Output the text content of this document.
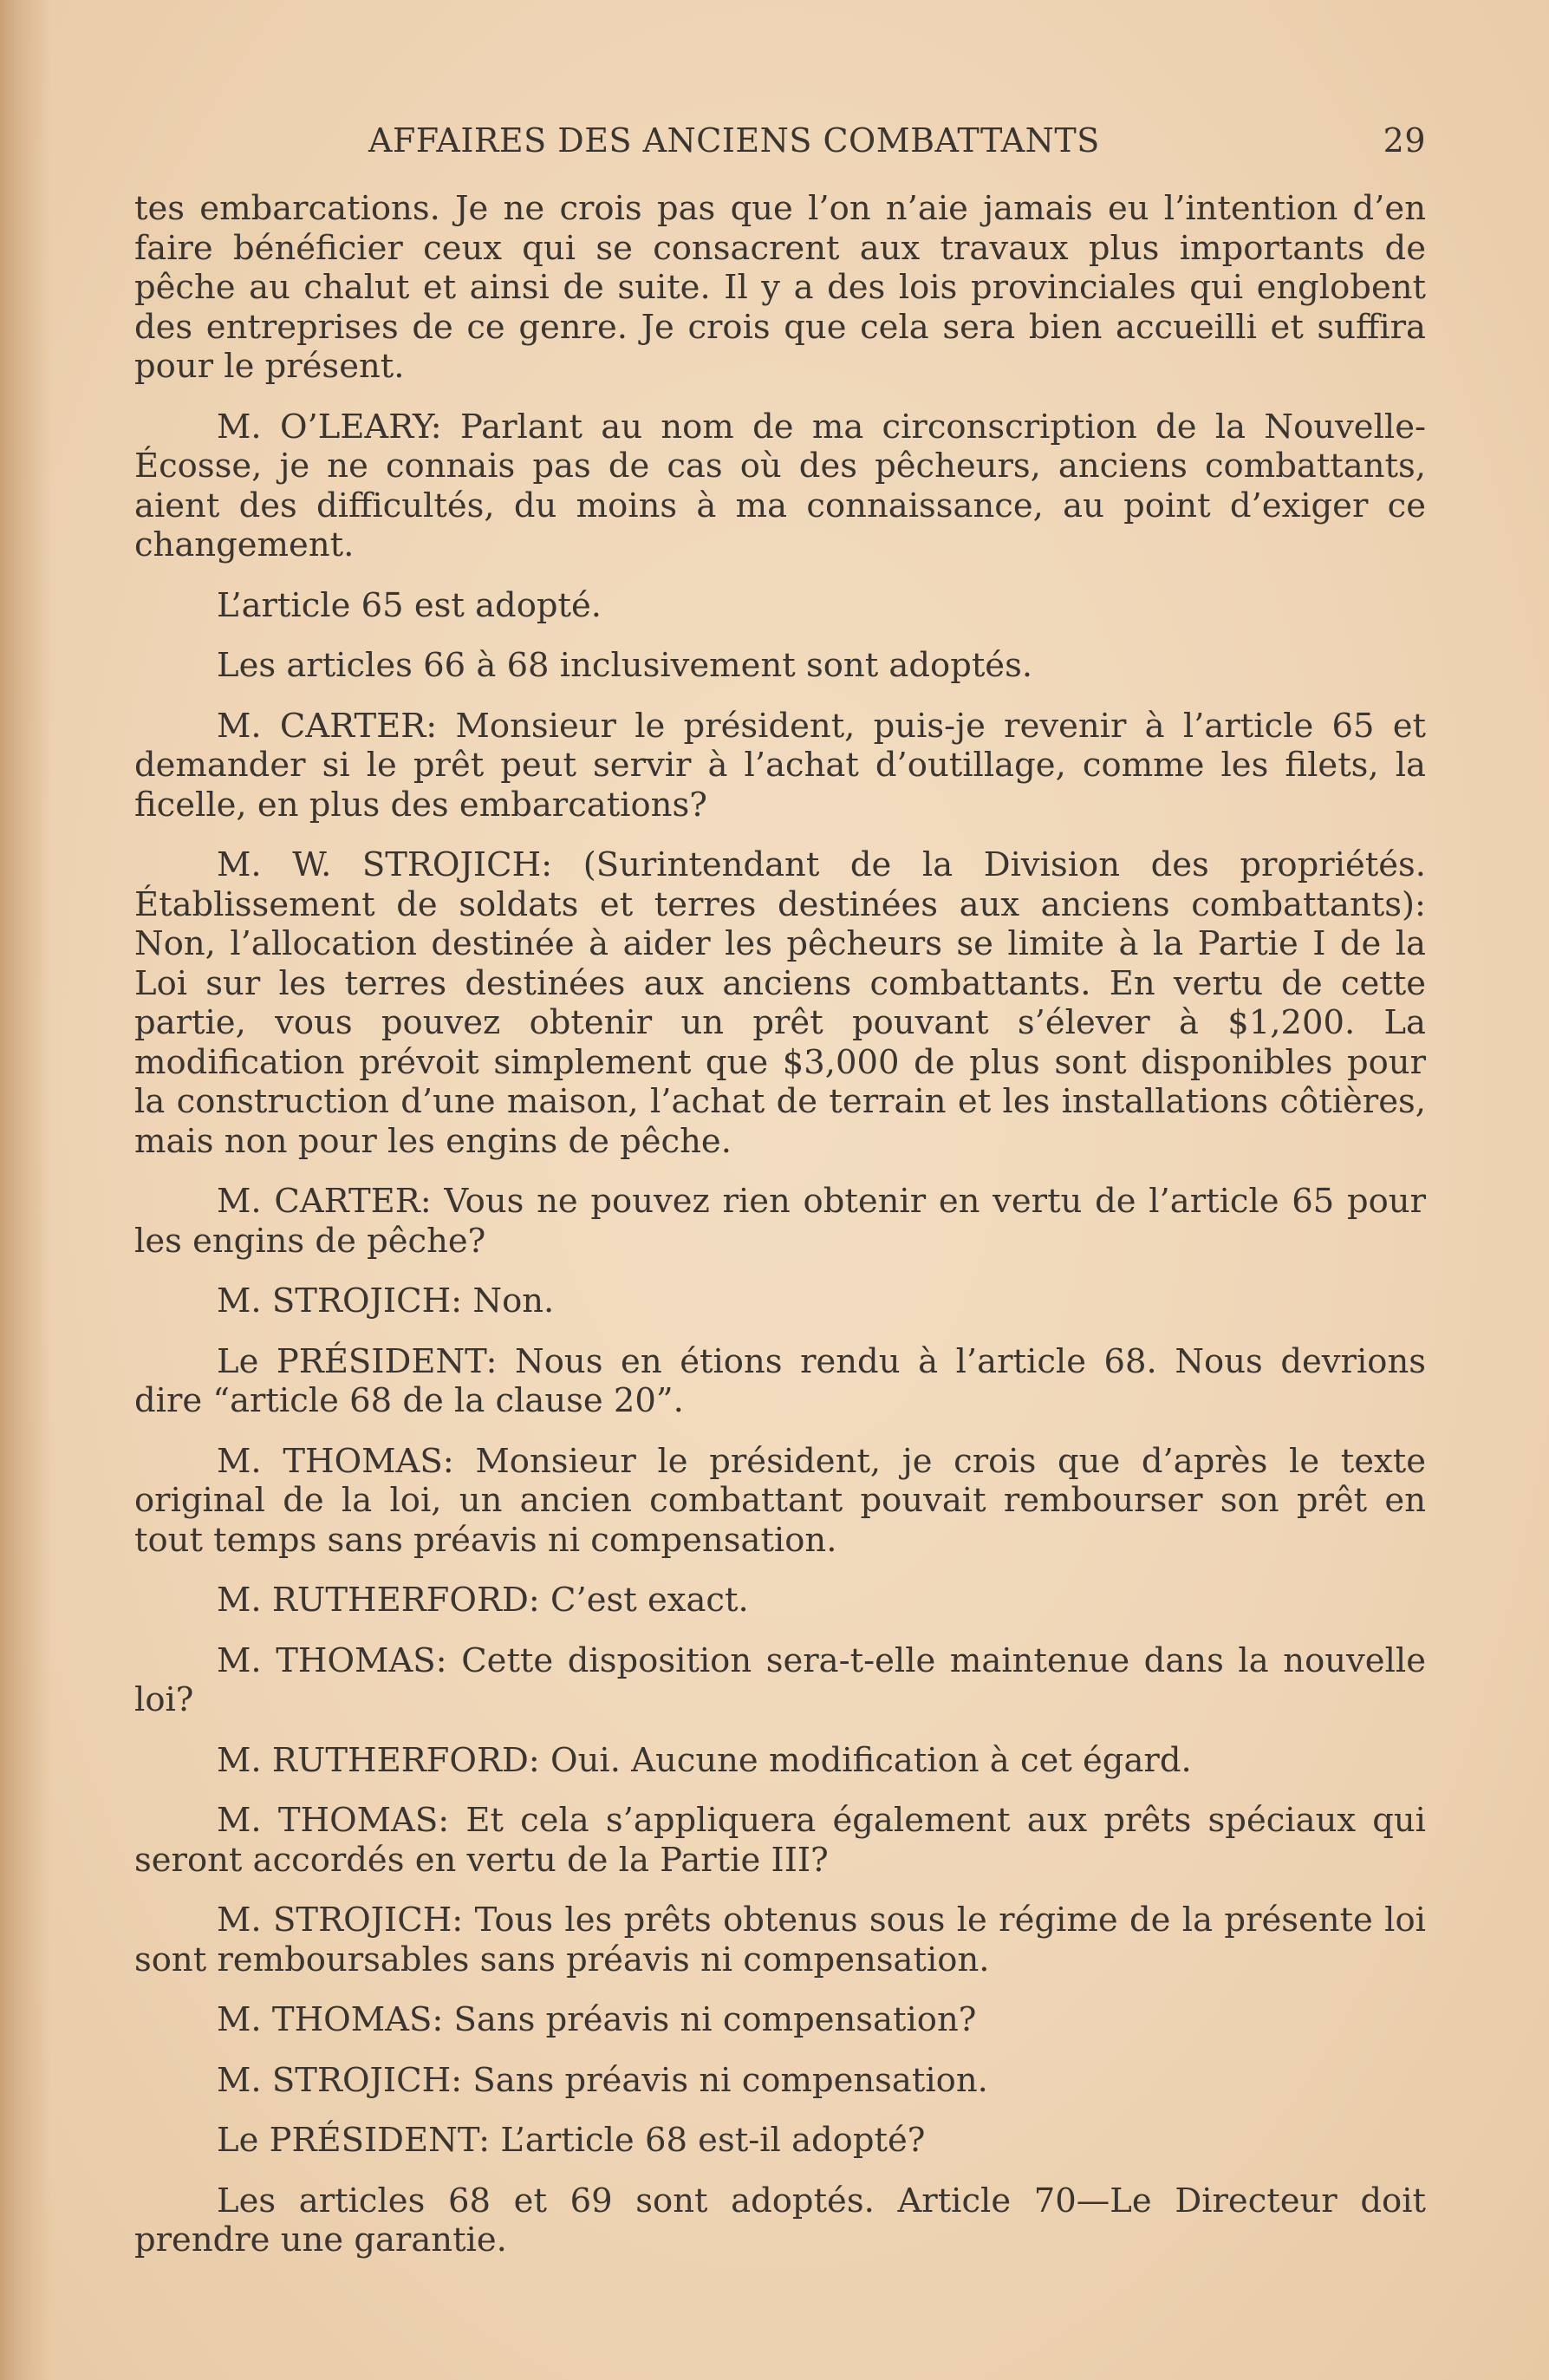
AFFAIRES DES ANCIENS COMBATTANTS	29

tes embarcations. Je ne crois pas que l’on n’aie jamais eu l’intention d’en faire bénéficier ceux qui se consacrent aux travaux plus importants de pêche au chalut et ainsi de suite. Il y a des lois provinciales qui englobent des entreprises de ce genre. Je crois que cela sera bien accueilli et suffira pour le présent.

M. O’LEARY: Parlant au nom de ma circonscription de la Nouvelle-Écosse, je ne connais pas de cas où des pêcheurs, anciens combattants, aient des difficultés, du moins à ma connaissance, au point d’exiger ce changement.

L’article 65 est adopté.

Les articles 66 à 68 inclusivement sont adoptés.

M. CARTER: Monsieur le président, puis-je revenir à l’article 65 et demander si le prêt peut servir à l’achat d’outillage, comme les filets, la ficelle, en plus des embarcations?

M. W. STROJICH: (Surintendant de la Division des propriétés. Établissement de soldats et terres destinées aux anciens combattants): Non, l’allocation destinée à aider les pêcheurs se limite à la Partie I de la Loi sur les terres destinées aux anciens combattants. En vertu de cette partie, vous pouvez obtenir un prêt pouvant s’élever à $1,200. La modification prévoit simplement que $3,000 de plus sont disponibles pour la construction d’une maison, l’achat de terrain et les installations côtières, mais non pour les engins de pêche.

M. CARTER: Vous ne pouvez rien obtenir en vertu de l’article 65 pour les engins de pêche?

M. STROJICH: Non.

Le PRÉSIDENT: Nous en étions rendu à l’article 68. Nous devrions dire “article 68 de la clause 20”.

M. THOMAS: Monsieur le président, je crois que d’après le texte original de la loi, un ancien combattant pouvait rembourser son prêt en tout temps sans préavis ni compensation.

M. RUTHERFORD: C’est exact.

M. THOMAS: Cette disposition sera-t-elle maintenue dans la nouvelle loi?

M. RUTHERFORD: Oui. Aucune modification à cet égard.

M. THOMAS: Et cela s’appliquera également aux prêts spéciaux qui seront accordés en vertu de la Partie III?

M. STROJICH: Tous les prêts obtenus sous le régime de la présente loi sont remboursables sans préavis ni compensation.

M. THOMAS: Sans préavis ni compensation?

M. STROJICH: Sans préavis ni compensation.

Le PRÉSIDENT: L’article 68 est-il adopté?

Les articles 68 et 69 sont adoptés. Article 70—Le Directeur doit prendre une garantie.
